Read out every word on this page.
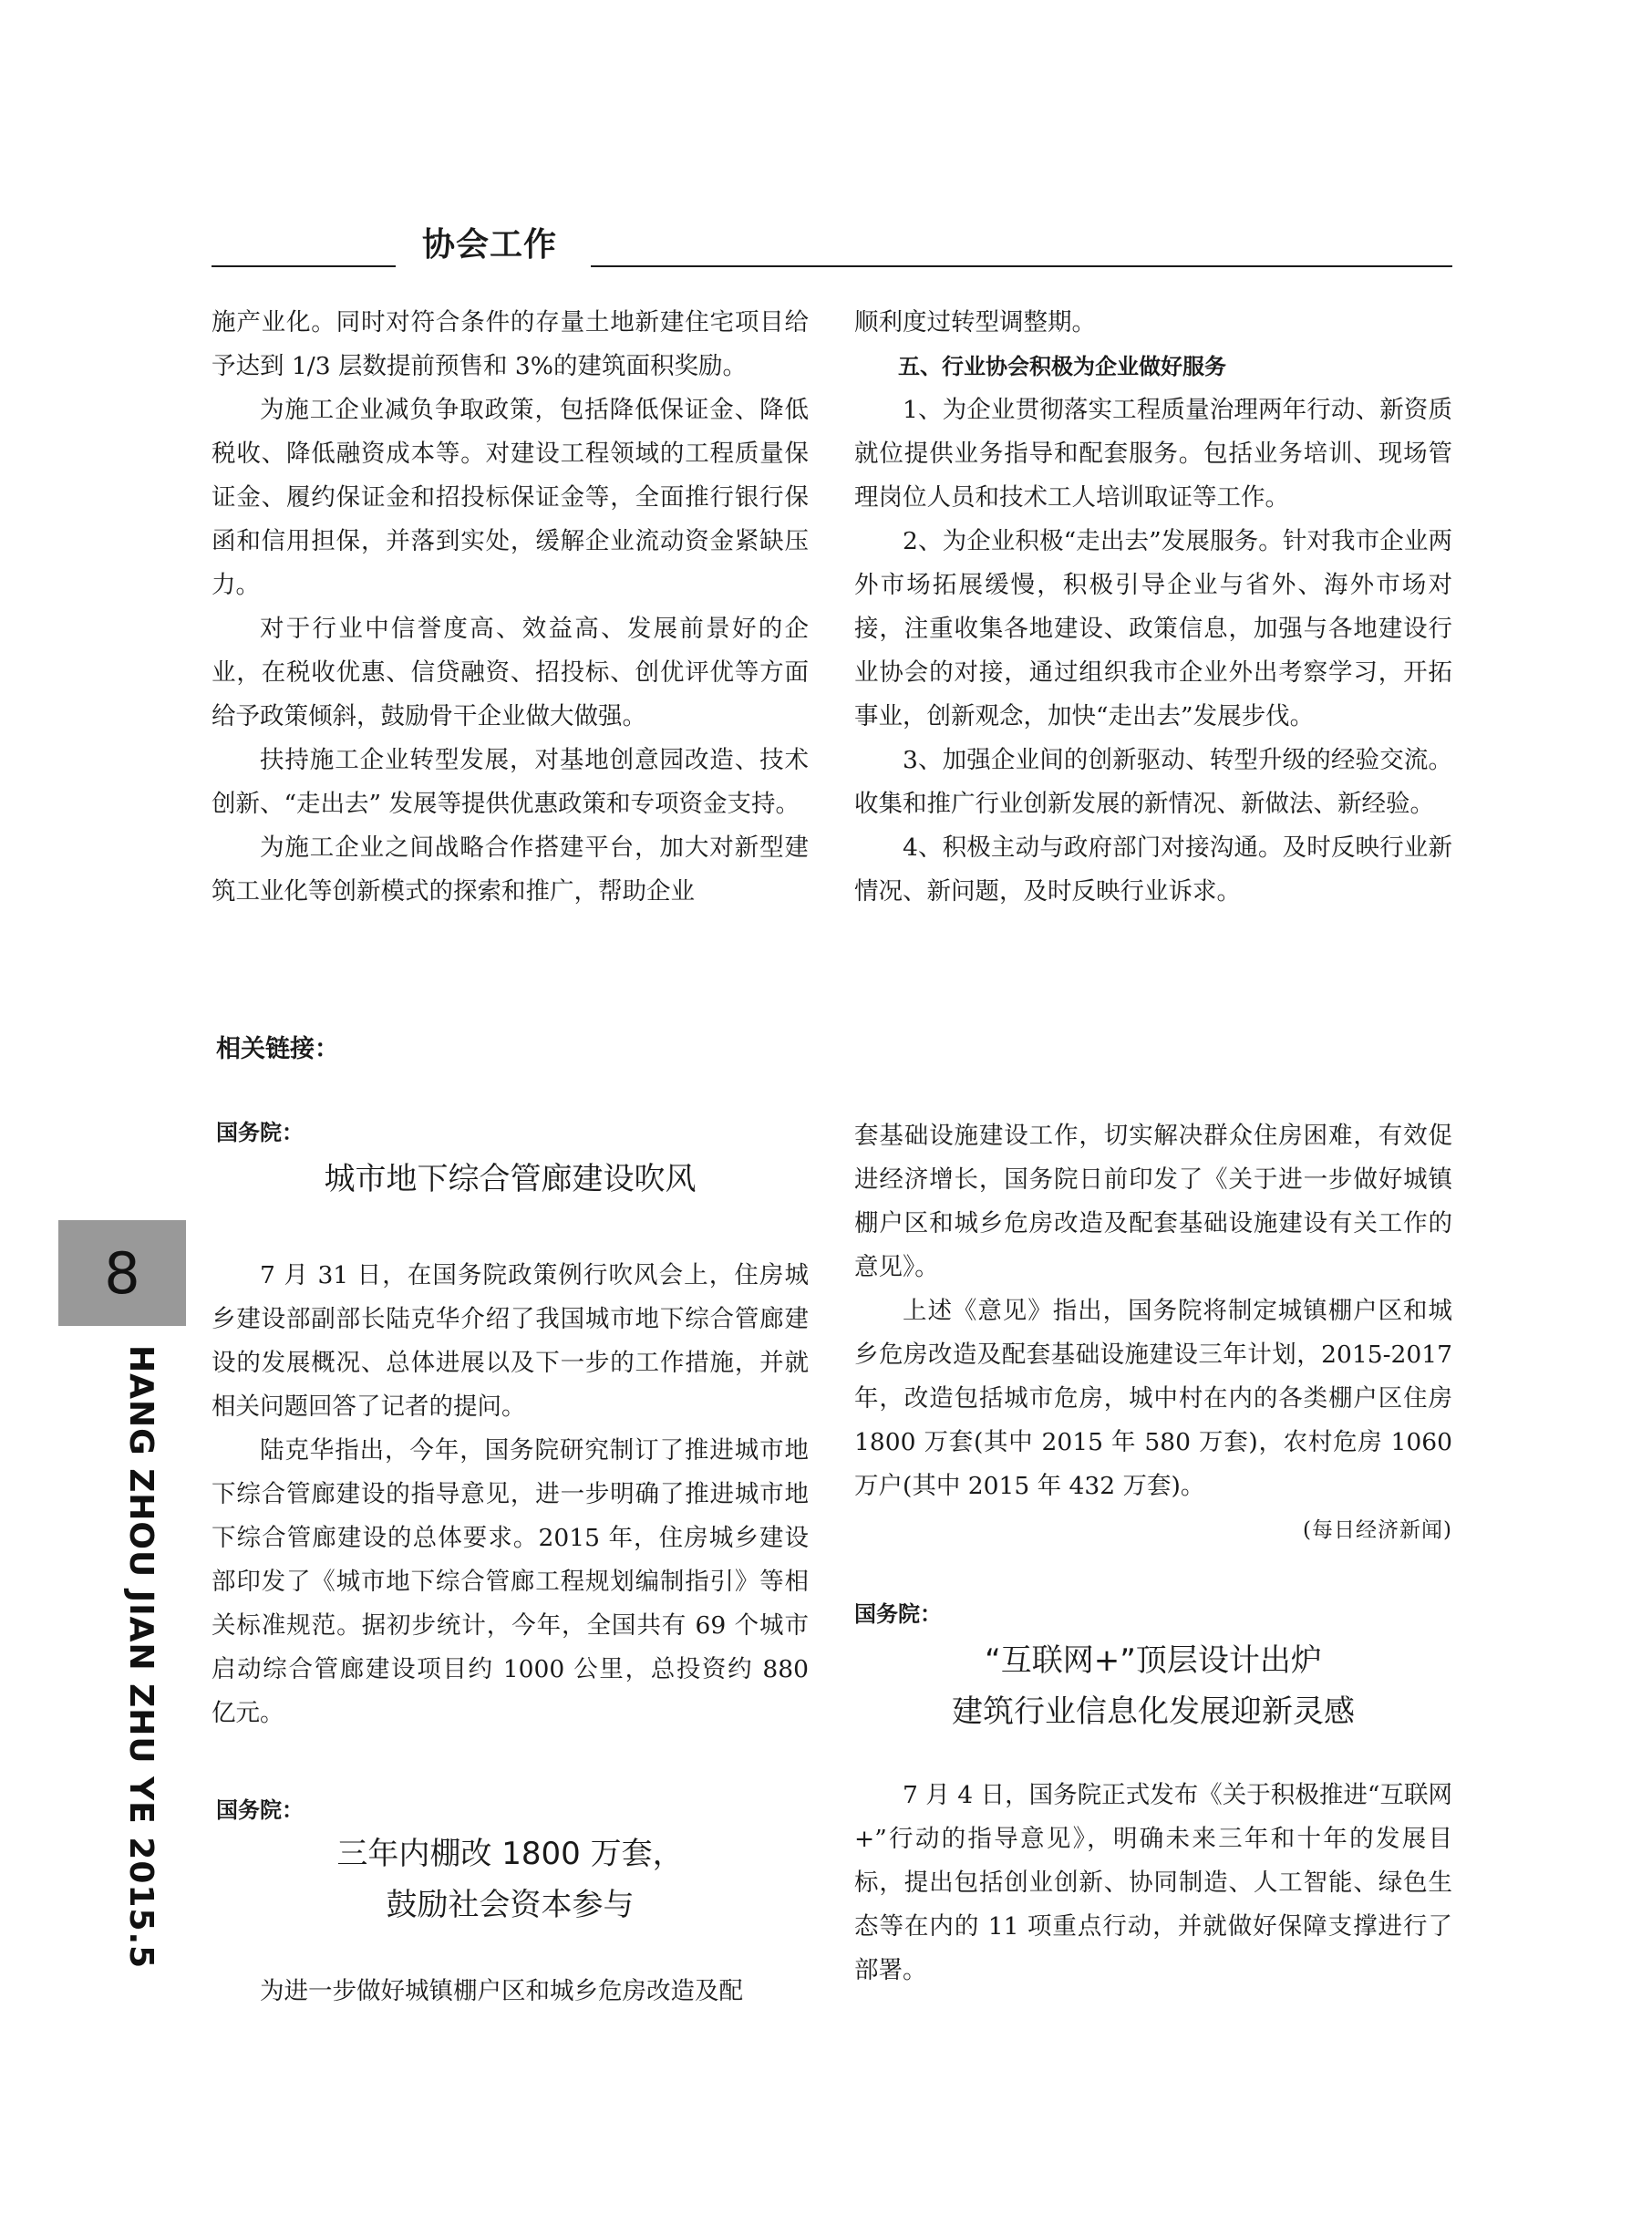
协会工作

施产业化。同时对符合条件的存量土地新建住宅项目给予达到 1/3 层数提前预售和 3%的建筑面积奖励。

为施工企业减负争取政策，包括降低保证金、降低税收、降低融资成本等。对建设工程领域的工程质量保证金、履约保证金和招投标保证金等，全面推行银行保函和信用担保，并落到实处，缓解企业流动资金紧缺压力。

对于行业中信誉度高、效益高、发展前景好的企业，在税收优惠、信贷融资、招投标、创优评优等方面给予政策倾斜，鼓励骨干企业做大做强。

扶持施工企业转型发展，对基地创意园改造、技术创新、“走出去” 发展等提供优惠政策和专项资金支持。

为施工企业之间战略合作搭建平台，加大对新型建筑工业化等创新模式的探索和推广，帮助企业

顺利度过转型调整期。

五、行业协会积极为企业做好服务

1、为企业贯彻落实工程质量治理两年行动、新资质就位提供业务指导和配套服务。包括业务培训、现场管理岗位人员和技术工人培训取证等工作。

2、为企业积极“走出去”发展服务。针对我市企业两外市场拓展缓慢，积极引导企业与省外、海外市场对接，注重收集各地建设、政策信息，加强与各地建设行业协会的对接，通过组织我市企业外出考察学习，开拓事业，创新观念，加快“走出去”发展步伐。

3、加强企业间的创新驱动、转型升级的经验交流。收集和推广行业创新发展的新情况、新做法、新经验。

4、积极主动与政府部门对接沟通。及时反映行业新情况、新问题，及时反映行业诉求。

相关链接：
国务院：
城市地下综合管廊建设吹风

7 月 31 日，在国务院政策例行吹风会上，住房城乡建设部副部长陆克华介绍了我国城市地下综合管廊建设的发展概况、总体进展以及下一步的工作措施，并就相关问题回答了记者的提问。

陆克华指出，今年，国务院研究制订了推进城市地下综合管廊建设的指导意见，进一步明确了推进城市地下综合管廊建设的总体要求。2015 年，住房城乡建设部印发了《城市地下综合管廊工程规划编制指引》等相关标准规范。据初步统计，今年，全国共有 69 个城市启动综合管廊建设项目约 1000 公里，总投资约 880 亿元。

国务院：
三年内棚改 1800 万套，
鼓励社会资本参与

为进一步做好城镇棚户区和城乡危房改造及配

套基础设施建设工作，切实解决群众住房困难，有效促进经济增长，国务院日前印发了《关于进一步做好城镇棚户区和城乡危房改造及配套基础设施建设有关工作的意见》。

上述《意见》指出，国务院将制定城镇棚户区和城乡危房改造及配套基础设施建设三年计划，2015-2017 年，改造包括城市危房，城中村在内的各类棚户区住房 1800 万套(其中 2015 年 580 万套)，农村危房 1060 万户(其中 2015 年 432 万套)。

(每日经济新闻)

国务院：
“互联网+”顶层设计出炉
建筑行业信息化发展迎新灵感

7 月 4 日，国务院正式发布《关于积极推进“互联网+”行动的指导意见》，明确未来三年和十年的发展目标，提出包括创业创新、协同制造、人工智能、绿色生态等在内的 11 项重点行动，并就做好保障支撑进行了部署。

8
HANG ZHOU JIAN ZHU YE 2015.5
